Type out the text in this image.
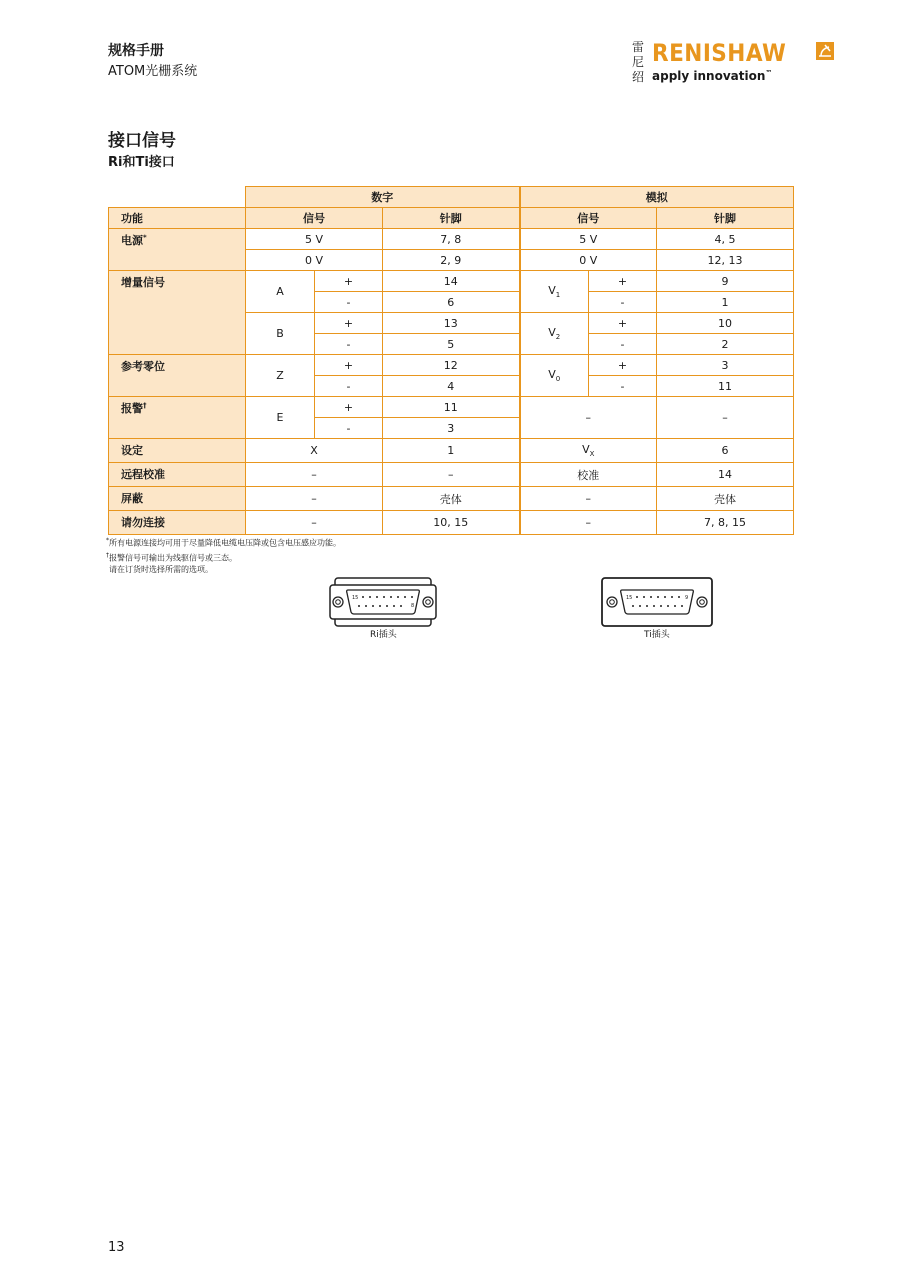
规格手册
ATOM光栅系统
雷尼绍
RENISHAW
apply innovation™
接口信号
Ri和Ti接口
	数字			模拟		
功能	信号		针脚	信号		针脚
电源*	5 V		7, 8	5 V		4, 5
	0 V		2, 9	0 V		12, 13
增量信号	A	+	14	$V_1$	+	9
		-	6		-	1
	B	+	13	$V_2$	+	10
		-	5		-	2
参考零位	Z	+	12	$V_0$	+	3
		-	4		-	11
报警†	E	+	11	–		–
		-	3			
设定	X		1	$V_X$		6
远程校准	–		–	校准		14
屏蔽	–		壳体	–		壳体
请勿连接	–		10, 15	–		7, 8, 15
*所有电源连接均可用于尽量降低电缆电压降或包含电压感应功能。
†报警信号可输出为线驱信号或三态。
请在订货时选择所需的选项。
15
8
Ri插头
15	9
Ti插头
13
